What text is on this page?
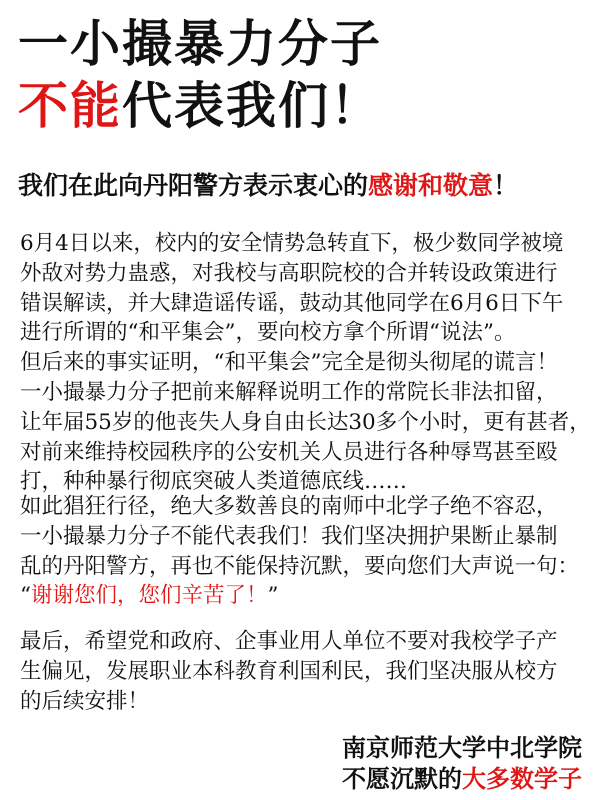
一小撮暴力分子
不能代表我们！
我们在此向丹阳警方表示衷心的感谢和敬意！
6月4日以来，校内的安全情势急转直下，极少数同学被境
外敌对势力蛊惑，对我校与高职院校的合并转设政策进行
错误解读，并大肆造谣传谣，鼓动其他同学在6月6日下午
进行所谓的“和平集会”，要向校方拿个所谓“说法”。
但后来的事实证明，“和平集会”完全是彻头彻尾的谎言！
一小撮暴力分子把前来解释说明工作的常院长非法扣留，
让年届55岁的他丧失人身自由长达30多个小时，更有甚者，
对前来维持校园秩序的公安机关人员进行各种辱骂甚至殴
打，种种暴行彻底突破人类道德底线……
如此猖狂行径，绝大多数善良的南师中北学子绝不容忍，
一小撮暴力分子不能代表我们！我们坚决拥护果断止暴制
乱的丹阳警方，再也不能保持沉默，要向您们大声说一句：
“谢谢您们，您们辛苦了！”
最后，希望党和政府、企事业用人单位不要对我校学子产
生偏见，发展职业本科教育利国利民，我们坚决服从校方
的后续安排！
南京师范大学中北学院
不愿沉默的大多数学子
